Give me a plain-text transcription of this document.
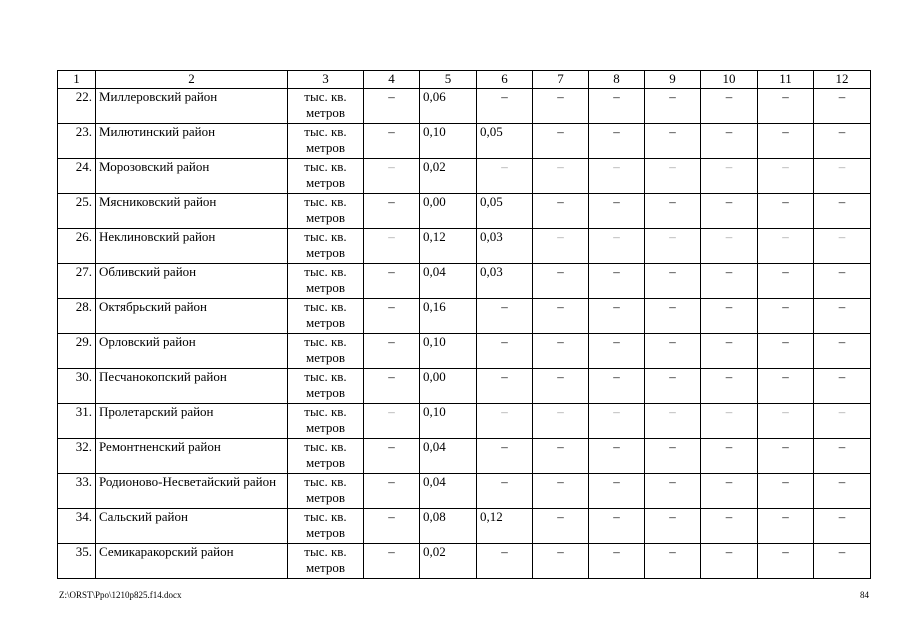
1	2	3	4	5	6	7	8	9	10	11	12
22.	Миллеровский район	тыс. кв. метров	–	0,06	–	–	–	–	–	–	–
23.	Милютинский район	тыс. кв. метров	–	0,10	0,05	–	–	–	–	–	–
24.	Морозовский район	тыс. кв. метров	–	0,02	–	–	–	–	–	–	–
25.	Мясниковский район	тыс. кв. метров	–	0,00	0,05	–	–	–	–	–	–
26.	Неклиновский район	тыс. кв. метров	–	0,12	0,03	–	–	–	–	–	–
27.	Обливский район	тыс. кв. метров	–	0,04	0,03	–	–	–	–	–	–
28.	Октябрьский район	тыс. кв. метров	–	0,16	–	–	–	–	–	–	–
29.	Орловский район	тыс. кв. метров	–	0,10	–	–	–	–	–	–	–
30.	Песчанокопский район	тыс. кв. метров	–	0,00	–	–	–	–	–	–	–
31.	Пролетарский район	тыс. кв. метров	–	0,10	–	–	–	–	–	–	–
32.	Ремонтненский район	тыс. кв. метров	–	0,04	–	–	–	–	–	–	–
33.	Родионово-Несветайский район	тыс. кв. метров	–	0,04	–	–	–	–	–	–	–
34.	Сальский район	тыс. кв. метров	–	0,08	0,12	–	–	–	–	–	–
35.	Семикаракорский район	тыс. кв. метров	–	0,02	–	–	–	–	–	–	–
Z:\ORST\Ppo\1210p825.f14.docx	84
